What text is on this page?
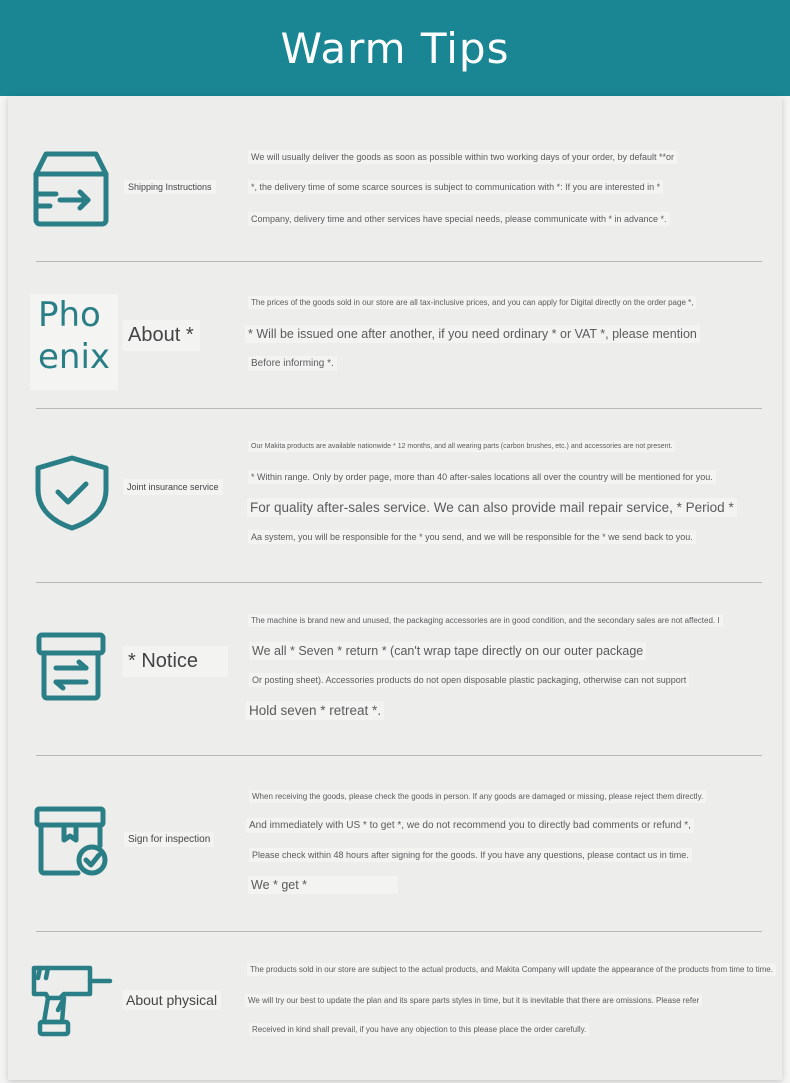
Warm Tips
Shipping Instructions
We will usually deliver the goods as soon as possible within two working days of your order, by default **or
*, the delivery time of some scarce sources is subject to communication with *: If you are interested in *
Company, delivery time and other services have special needs, please communicate with * in advance *.
Pho enix
About *
The prices of the goods sold in our store are all tax-inclusive prices, and you can apply for Digital directly on the order page *,
* Will be issued one after another, if you need ordinary * or VAT *, please mention
Before informing *.
Joint insurance service
Our Makita products are available nationwide * 12 months, and all wearing parts (carbon brushes, etc.) and accessories are not present.
* Within range. Only by order page, more than 40 after-sales locations all over the country will be mentioned for you.
For quality after-sales service. We can also provide mail repair service, * Period *
Aa system, you will be responsible for the * you send, and we will be responsible for the * we send back to you.
* Notice
The machine is brand new and unused, the packaging accessories are in good condition, and the secondary sales are not affected. I
We all * Seven * return * (can't wrap tape directly on our outer package
Or posting sheet). Accessories products do not open disposable plastic packaging, otherwise can not support
Hold seven * retreat *.
Sign for inspection
When receiving the goods, please check the goods in person. If any goods are damaged or missing, please reject them directly.
And immediately with US * to get *, we do not recommend you to directly bad comments or refund *,
Please check within 48 hours after signing for the goods. If you have any questions, please contact us in time.
We * get *
About physical
The products sold in our store are subject to the actual products, and Makita Company will update the appearance of the products from time to time.
We will try our best to update the plan and its spare parts styles in time, but it is inevitable that there are omissions. Please refer
Received in kind shall prevail, if you have any objection to this please place the order carefully.
